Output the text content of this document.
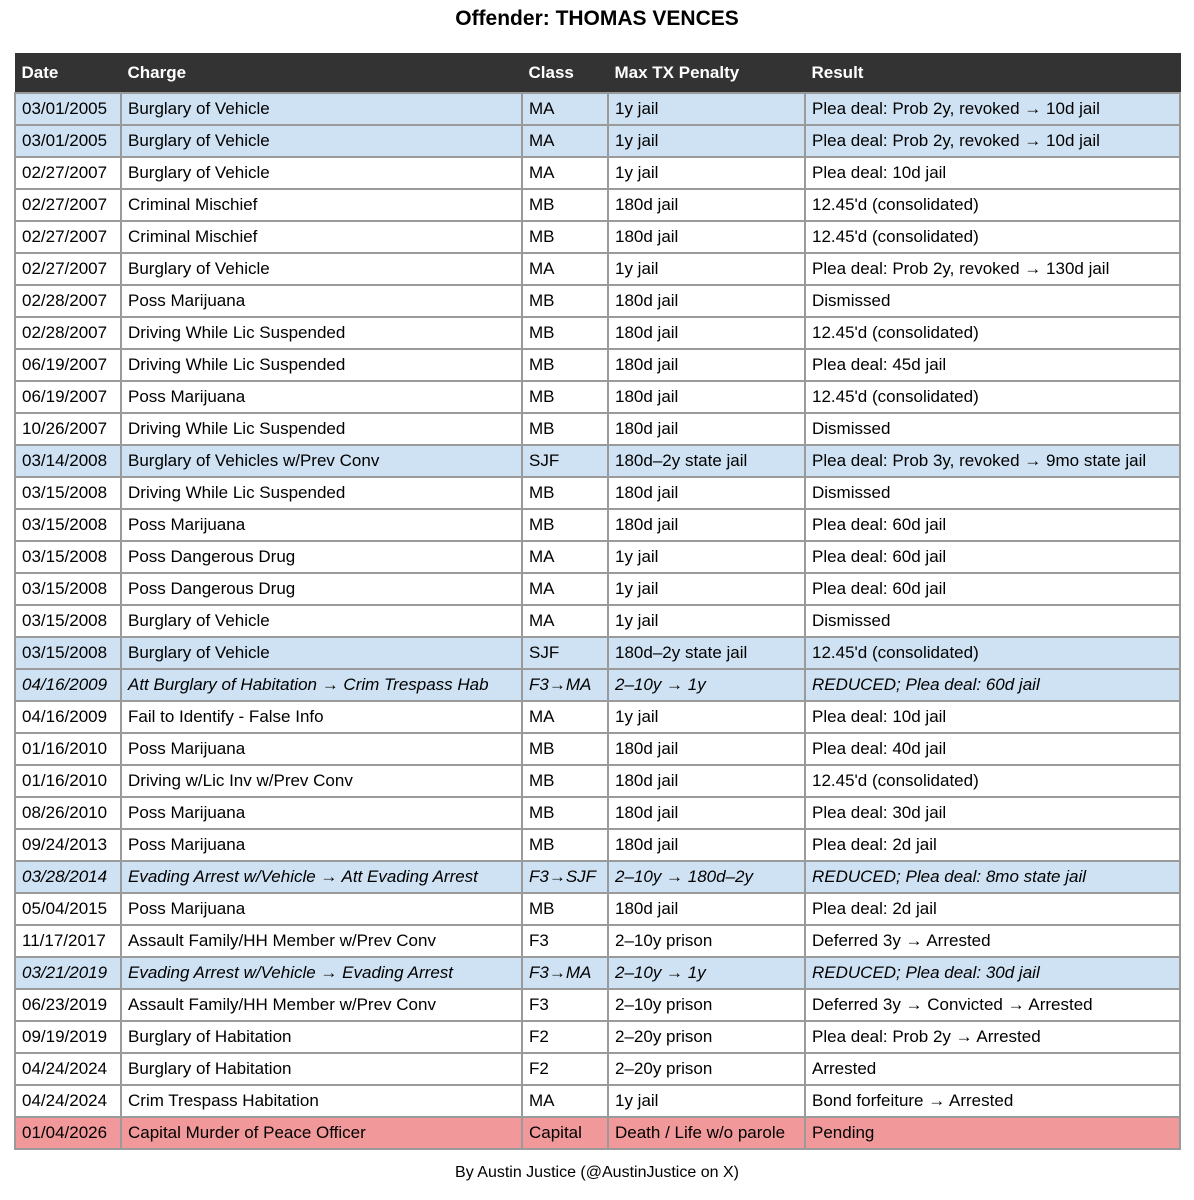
Offender: THOMAS VENCES
Date	Charge	Class	Max TX Penalty	Result
03/01/2005	Burglary of Vehicle	MA	1y jail	Plea deal: Prob 2y, revoked → 10d jail
03/01/2005	Burglary of Vehicle	MA	1y jail	Plea deal: Prob 2y, revoked → 10d jail
02/27/2007	Burglary of Vehicle	MA	1y jail	Plea deal: 10d jail
02/27/2007	Criminal Mischief	MB	180d jail	12.45'd (consolidated)
02/27/2007	Criminal Mischief	MB	180d jail	12.45'd (consolidated)
02/27/2007	Burglary of Vehicle	MA	1y jail	Plea deal: Prob 2y, revoked → 130d jail
02/28/2007	Poss Marijuana	MB	180d jail	Dismissed
02/28/2007	Driving While Lic Suspended	MB	180d jail	12.45'd (consolidated)
06/19/2007	Driving While Lic Suspended	MB	180d jail	Plea deal: 45d jail
06/19/2007	Poss Marijuana	MB	180d jail	12.45'd (consolidated)
10/26/2007	Driving While Lic Suspended	MB	180d jail	Dismissed
03/14/2008	Burglary of Vehicles w/Prev Conv	SJF	180d–2y state jail	Plea deal: Prob 3y, revoked → 9mo state jail
03/15/2008	Driving While Lic Suspended	MB	180d jail	Dismissed
03/15/2008	Poss Marijuana	MB	180d jail	Plea deal: 60d jail
03/15/2008	Poss Dangerous Drug	MA	1y jail	Plea deal: 60d jail
03/15/2008	Poss Dangerous Drug	MA	1y jail	Plea deal: 60d jail
03/15/2008	Burglary of Vehicle	MA	1y jail	Dismissed
03/15/2008	Burglary of Vehicle	SJF	180d–2y state jail	12.45'd (consolidated)
04/16/2009	Att Burglary of Habitation → Crim Trespass Hab	F3→MA	2–10y → 1y	REDUCED; Plea deal: 60d jail
04/16/2009	Fail to Identify - False Info	MA	1y jail	Plea deal: 10d jail
01/16/2010	Poss Marijuana	MB	180d jail	Plea deal: 40d jail
01/16/2010	Driving w/Lic Inv w/Prev Conv	MB	180d jail	12.45'd (consolidated)
08/26/2010	Poss Marijuana	MB	180d jail	Plea deal: 30d jail
09/24/2013	Poss Marijuana	MB	180d jail	Plea deal: 2d jail
03/28/2014	Evading Arrest w/Vehicle → Att Evading Arrest	F3→SJF	2–10y → 180d–2y	REDUCED; Plea deal: 8mo state jail
05/04/2015	Poss Marijuana	MB	180d jail	Plea deal: 2d jail
11/17/2017	Assault Family/HH Member w/Prev Conv	F3	2–10y prison	Deferred 3y → Arrested
03/21/2019	Evading Arrest w/Vehicle → Evading Arrest	F3→MA	2–10y → 1y	REDUCED; Plea deal: 30d jail
06/23/2019	Assault Family/HH Member w/Prev Conv	F3	2–10y prison	Deferred 3y → Convicted → Arrested
09/19/2019	Burglary of Habitation	F2	2–20y prison	Plea deal: Prob 2y → Arrested
04/24/2024	Burglary of Habitation	F2	2–20y prison	Arrested
04/24/2024	Crim Trespass Habitation	MA	1y jail	Bond forfeiture → Arrested
01/04/2026	Capital Murder of Peace Officer	Capital	Death / Life w/o parole	Pending
By Austin Justice (@AustinJustice on X)
